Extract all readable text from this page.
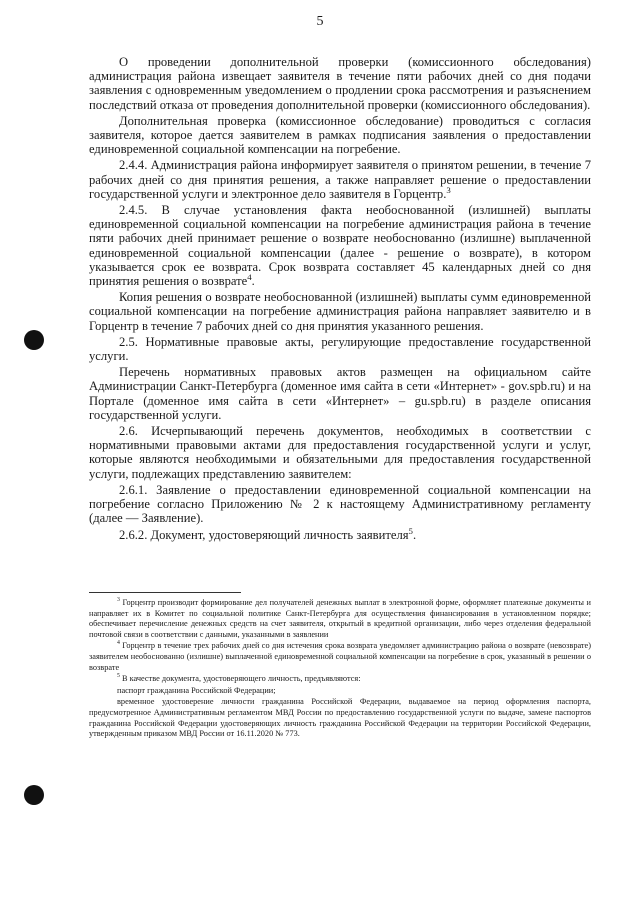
5

О проведении дополнительной проверки (комиссионного обследования) администрация района извещает заявителя в течение пяти рабочих дней со дня подачи заявления с одновременным уведомлением о продлении срока рассмотрения и разъяснением последствий отказа от проведения дополнительной проверки (комиссионного обследования).

Дополнительная проверка (комиссионное обследование) проводиться с согласия заявителя, которое дается заявителем в рамках подписания заявления о предоставлении единовременной социальной компенсации на погребение.

2.4.4. Администрация района информирует заявителя о принятом решении, в течение 7 рабочих дней со дня принятия решения, а также направляет решение о предоставлении государственной услуги и электронное дело заявителя в Горцентр.$^3$

2.4.5. В случае установления факта необоснованной (излишней) выплаты единовременной социальной компенсации на погребение администрация района в течение пяти рабочих дней принимает решение о возврате необоснованно (излишне) выплаченной единовременной социальной компенсации (далее - решение о возврате), в котором указывается срок ее возврата. Срок возврата составляет 45 календарных дней со дня принятия решения о возврате$^4$.

Копия решения о возврате необоснованной (излишней) выплаты сумм единовременной социальной компенсации на погребение администрация района направляет заявителю и в Горцентр в течение 7 рабочих дней со дня принятия указанного решения.

2.5. Нормативные правовые акты, регулирующие предоставление государственной услуги.

Перечень нормативных правовых актов размещен на официальном сайте Администрации Санкт-Петербурга (доменное имя сайта в сети «Интернет» - gov.spb.ru) и на Портале (доменное имя сайта в сети «Интернет» – gu.spb.ru) в разделе описания государственной услуги.

2.6. Исчерпывающий перечень документов, необходимых в соответствии с нормативными правовыми актами для предоставления государственной услуги и услуг, которые являются необходимыми и обязательными для предоставления государственной услуги, подлежащих представлению заявителем:

2.6.1. Заявление о предоставлении единовременной социальной компенсации на погребение согласно Приложению № 2 к настоящему Административному регламенту (далее — Заявление).

2.6.2. Документ, удостоверяющий личность заявителя$^5$.

$^3$ Горцентр производит формирование дел получателей денежных выплат в электронной форме, оформляет платежные документы и направляет их в Комитет по социальной политике Санкт-Петербурга для осуществления финансирования в установленном порядке; обеспечивает перечисление денежных средств на счет заявителя, открытый в кредитной организации, либо через отделения федеральной почтовой связи в соответствии с данными, указанными в заявлении

$^4$ Горцентр в течение трех рабочих дней со дня истечения срока возврата уведомляет администрацию района о возврате (невозврате) заявителем необоснованно (излишне) выплаченной единовременной социальной компенсации на погребение в срок, указанный в решении о возврате

$^5$ В качестве документа, удостоверяющего личность, предъявляются:

паспорт гражданина Российской Федерации;

временное удостоверение личности гражданина Российской Федерации, выдаваемое на период оформления паспорта, предусмотренное Административным регламентом МВД России по предоставлению государственной услуги по выдаче, замене паспортов гражданина Российской Федерации удостоверяющих личность гражданина Российской Федерации на территории Российской Федерации, утвержденным приказом МВД России от 16.11.2020 № 773.
